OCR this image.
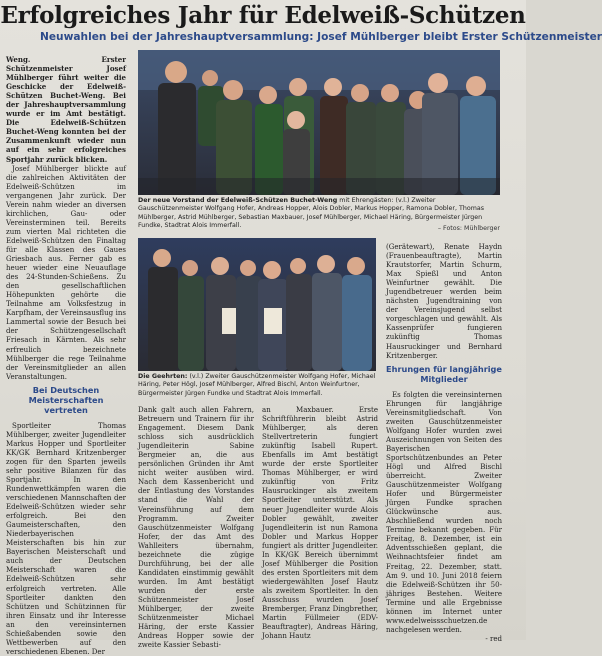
Erfolgreiches Jahr für Edelweiß-Schützen
Neuwahlen bei der Jahreshauptversammlung: Josef Mühlberger bleibt Erster Schützenmeister

Weng.	Erster Schützenmeister Josef Mühlberger führt weiter die Geschicke der Edelweiß-Schützen Buchet-Weng. Bei der Jahreshauptversammlung wurde er im Amt bestätigt. Die Edelweiß-Schützen Buchet-Weng konnten bei der Zusammenkunft wieder nun auf ein sehr erfolgreiches Sportjahr zurück blicken.

Josef Mühlberger blickte auf die zahlreichen Aktivitäten der Edelweiß-Schützen im vergangenen Jahr zurück. Der Verein nahm wieder an diversen kirchlichen, Gau- oder Vereinsterminen teil. Bereits zum vierten Mal richteten die Edelweiß-Schützen den Finaltag für alle Klassen des Gaues Griesbach aus. Ferner gab es heuer wieder eine Neuauflage des 24-Stunden-Schießens. Zu den gesellschaftlichen Höhepunkten gehörte die Teilnahme am Volksfestzug in Karpfham, der Vereinsausflug ins Lammertal sowie der Besuch bei der Schützengesellschaft Friesach in Kärnten. Als sehr erfreulich bezeichnete Mühlberger die rege Teilnahme der Vereinsmitglieder an allen Veranstaltungen.

Bei Deutschen Meisterschaften vertreten

Sportleiter Thomas Mühlberger, zweiter Jugendleiter Markus Hopper und Sportleiter KK/GK Bernhard Kritzenberger zogen für den Sparten jeweils sehr positive Bilanzen für das Sportjahr. In den Rundenwettkämpfen waren die verschiedenen Mannschaften der Edelweiß-Schützen wieder sehr erfolgreich. Bei den Gaumeisterschaften, den Niederbayerischen Meisterschaften bis hin zur Bayerischen Meisterschaft und auch der Deutschen Meisterschaft waren die Edelweiß-Schützen sehr erfolgreich vertreten. Alle Sportleiter dankten den Schützen und Schützinnen für ihren Einsatz und ihr Interesse an den vereinsinternen Schießabenden sowie den Wettbewerben auf den verschiedenen Ebenen. Der

Der neue Vorstand der Edelweiß-Schützen Buchet-Weng mit Ehrengästen: (v.l.) Zweiter Gauschützenmeister Wolfgang Hofer, Andreas Hopper, Alois Dobler, Markus Hopper, Ramona Dobler, Thomas Mühlberger, Astrid Mühlberger, Sebastian Maxbauer, Josef Mühlberger, Michael Häring, Bürgermeister Jürgen Fundke, Stadtrat Alois Immerfall.	– Fotos: Mühlberger
Die Geehrten: (v.l.) Zweiter Gauschützenmeister Wolfgang Hofer, Michael Häring, Peter Högl, Josef Mühlberger, Alfred Bischl, Anton Weinfurtner, Bürgermeister Jürgen Fundke und Stadtrat Alois Immerfall.

Dank galt auch allen Fahrern, Betreuern und Trainern für ihr Engagement. Diesem Dank schloss sich ausdrücklich Jugendleiterin Sabine Bergmeier an, die aus persönlichen Gründen ihr Amt nicht weiter ausüben wird. Nach dem Kassenbericht und der Entlastung des Vorstandes stand die Wahl der Vereinsführung auf dem Programm. Zweiter Gauschützenmeister Wolfgang Hofer, der das Amt des Wahlleiters übernahm, bezeichnete die zügige Durchführung, bei der alle Kandidaten einstimmig gewählt wurden. Im Amt bestätigt wurden der erste Schützenmeister Josef Mühlberger, der zweite Schützenmeister Michael Häring, der erste Kassier Andreas Hopper sowie der zweite Kassier Sebasti-

an Maxbauer. Erste Schriftführerin bleibt Astrid Mühlberger, als deren Stellvertreterin fungiert zukünftig Isabell Rupert. Ebenfalls im Amt bestätigt wurde der erste Sportleiter Thomas Mühlberger, er wird zukünftig von Fritz Hausruckinger als zweitem Sportleiter unterstützt. Als neuer Jugendleiter wurde Alois Dobler gewählt, zweiter Jugendleiterin ist nun Ramona Dobler und Markus Hopper fungiert als dritter Jugendleiter. In KK/GK Bereich übernimmt Josef Mühlberger die Position des ersten Sportleiters mit dem wiedergewählten Josef Hautz als zweitem Sportleiter. In den Ausschuss wurden Josef Bremberger, Franz Dingbrether, Martin Füllmeier (EDV-Beauftragter), Andreas Häring, Johann Hautz

(Gerätewart), Renate Haydn (Frauenbeauftragte), Martin Krautstorfer, Martin Schurm, Max Spießl und Anton Weinfurtner gewählt. Die Jugendbetreuer werden beim nächsten Jugendtraining von der Vereinsjugend selbst vorgeschlagen und gewählt. Als Kassenprüfer fungieren zukünftig Thomas Hausruckinger und Bernhard Kritzenberger.

Ehrungen für langjährige Mitglieder

Es folgten die vereinsinternen Ehrungen für langjährige Vereinsmitgliedschaft. Von zweiten Gauschützenmeister Wolfgang Hofer wurden zwei Auszeichnungen von Seiten des Bayerischen Sportschützenbundes an Peter Högl und Alfred Bischl überreicht. Zweiter Gauschützenmeister Wolfgang Hofer und Bürgermeister Jürgen Fundke sprachen Glückwünsche aus. Abschließend wurden noch Termine bekannt gegeben. Für Freitag, 8. Dezember, ist ein Adventsschießen geplant, die Weihnachtsfeier findet am Freitag, 22. Dezember, statt. Am 9. und 10. Juni 2018 feiern die Edelweiß-Schützen ihr 50-jähriges Bestehen. Weitere Termine und alle Ergebnisse können im Internet unter www.edelweissschuetzen.de nachgelesen werden.

- red
